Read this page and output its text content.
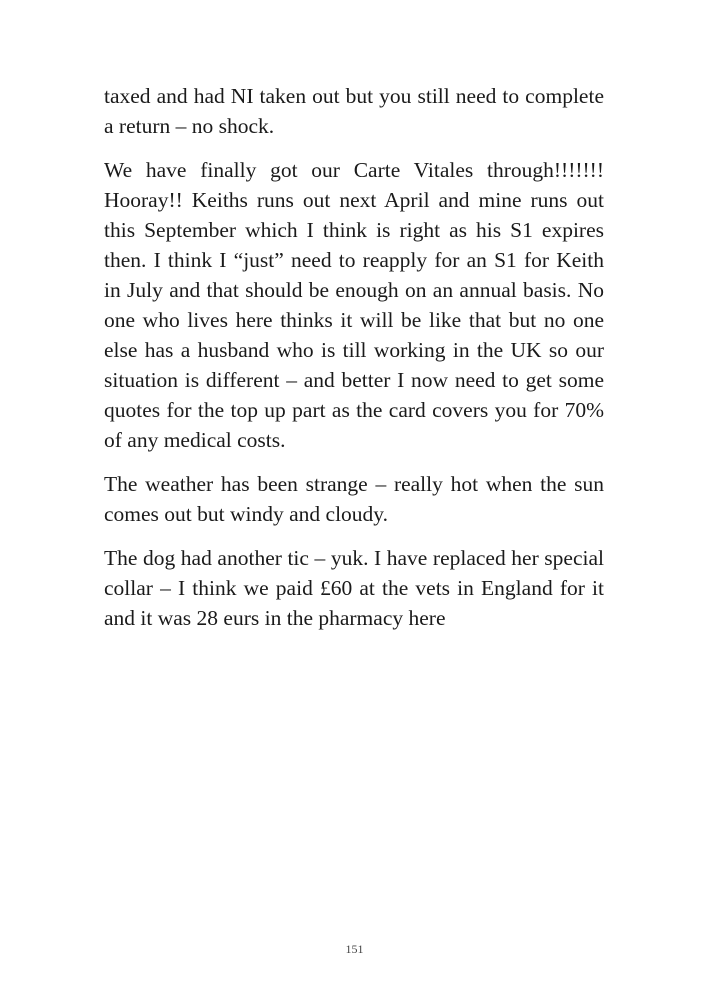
taxed and had NI taken out but you still need to complete a return – no shock.

We have finally got our Carte Vitales through!!!!!!! Hooray!! Keiths runs out next April and mine runs out this September which I think is right as his S1 expires then. I think I “just” need to reapply for an S1 for Keith in July and that should be enough on an annual basis. No one who lives here thinks it will be like that but no one else has a husband who is till working in the UK so our situation is different – and better I now need to get some quotes for the top up part as the card covers you for 70% of any medical costs.

The weather has been strange – really hot when the sun comes out but windy and cloudy.

The dog had another tic – yuk. I have replaced her special collar – I think we paid £60 at the vets in England for it and it was 28 eurs in the pharmacy here

151
